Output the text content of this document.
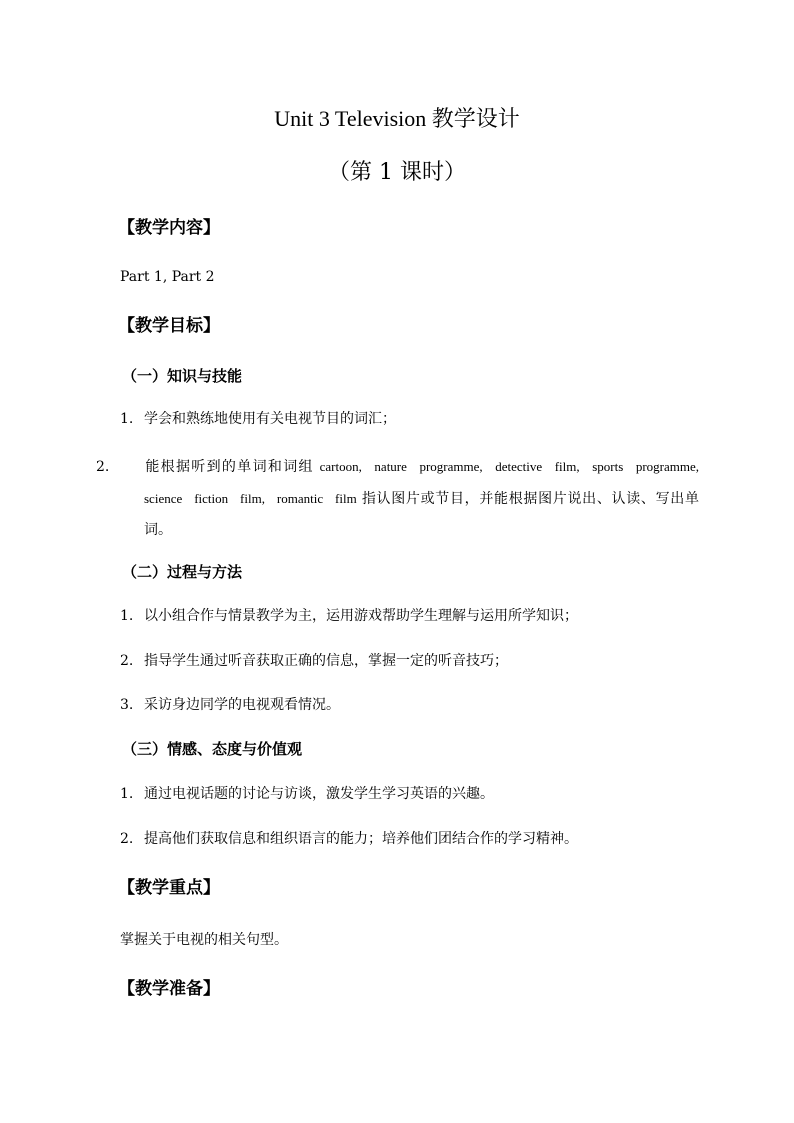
Unit 3 Television 教学设计
（第 1 课时）
【教学内容】
Part 1, Part 2
【教学目标】
（一）知识与技能
1. 学会和熟练地使用有关电视节目的词汇；
2. 能根据听到的单词和词组 cartoon, nature programme, detective film, sports programme, science fiction film, romantic film 指认图片或节目，并能根据图片说出、认读、写出单词。
（二）过程与方法
1. 以小组合作与情景教学为主，运用游戏帮助学生理解与运用所学知识；
2. 指导学生通过听音获取正确的信息，掌握一定的听音技巧；
3. 采访身边同学的电视观看情况。
（三）情感、态度与价值观
1. 通过电视话题的讨论与访谈，激发学生学习英语的兴趣。
2. 提高他们获取信息和组织语言的能力；培养他们团结合作的学习精神。
【教学重点】
掌握关于电视的相关句型。
【教学准备】
